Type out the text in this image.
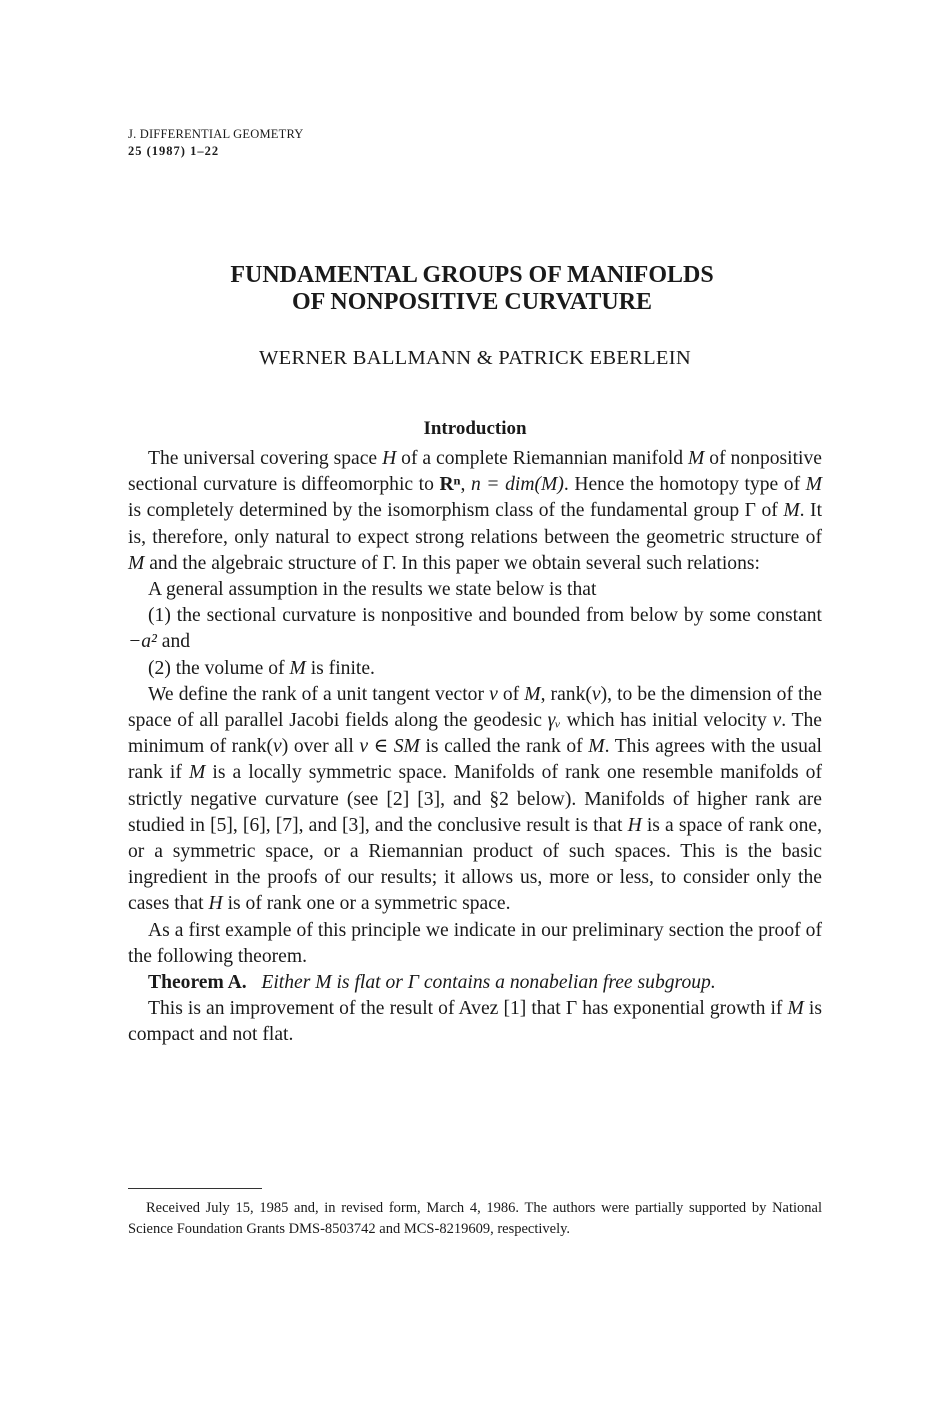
J. DIFFERENTIAL GEOMETRY
25 (1987) 1–22
FUNDAMENTAL GROUPS OF MANIFOLDS
OF NONPOSITIVE CURVATURE
WERNER BALLMANN & PATRICK EBERLEIN
Introduction

The universal covering space H of a complete Riemannian manifold M of nonpositive sectional curvature is diffeomorphic to Rⁿ, n = dim(M). Hence the homotopy type of M is completely determined by the isomorphism class of the fundamental group Γ of M. It is, therefore, only natural to expect strong relations between the geometric structure of M and the algebraic structure of Γ. In this paper we obtain several such relations:

A general assumption in the results we state below is that

(1) the sectional curvature is nonpositive and bounded from below by some constant −a² and

(2) the volume of M is finite.

We define the rank of a unit tangent vector v of M, rank(v), to be the dimension of the space of all parallel Jacobi fields along the geodesic γᵥ which has initial velocity v. The minimum of rank(v) over all v ∈ SM is called the rank of M. This agrees with the usual rank if M is a locally symmetric space. Manifolds of rank one resemble manifolds of strictly negative curvature (see [2] [3], and §2 below). Manifolds of higher rank are studied in [5], [6], [7], and [3], and the conclusive result is that H is a space of rank one, or a symmetric space, or a Riemannian product of such spaces. This is the basic ingredient in the proofs of our results; it allows us, more or less, to consider only the cases that H is of rank one or a symmetric space.

As a first example of this principle we indicate in our preliminary section the proof of the following theorem.

Theorem A. Either M is flat or Γ contains a nonabelian free subgroup.

This is an improvement of the result of Avez [1] that Γ has exponential growth if M is compact and not flat.

Received July 15, 1985 and, in revised form, March 4, 1986. The authors were partially supported by National Science Foundation Grants DMS-8503742 and MCS-8219609, respectively.
